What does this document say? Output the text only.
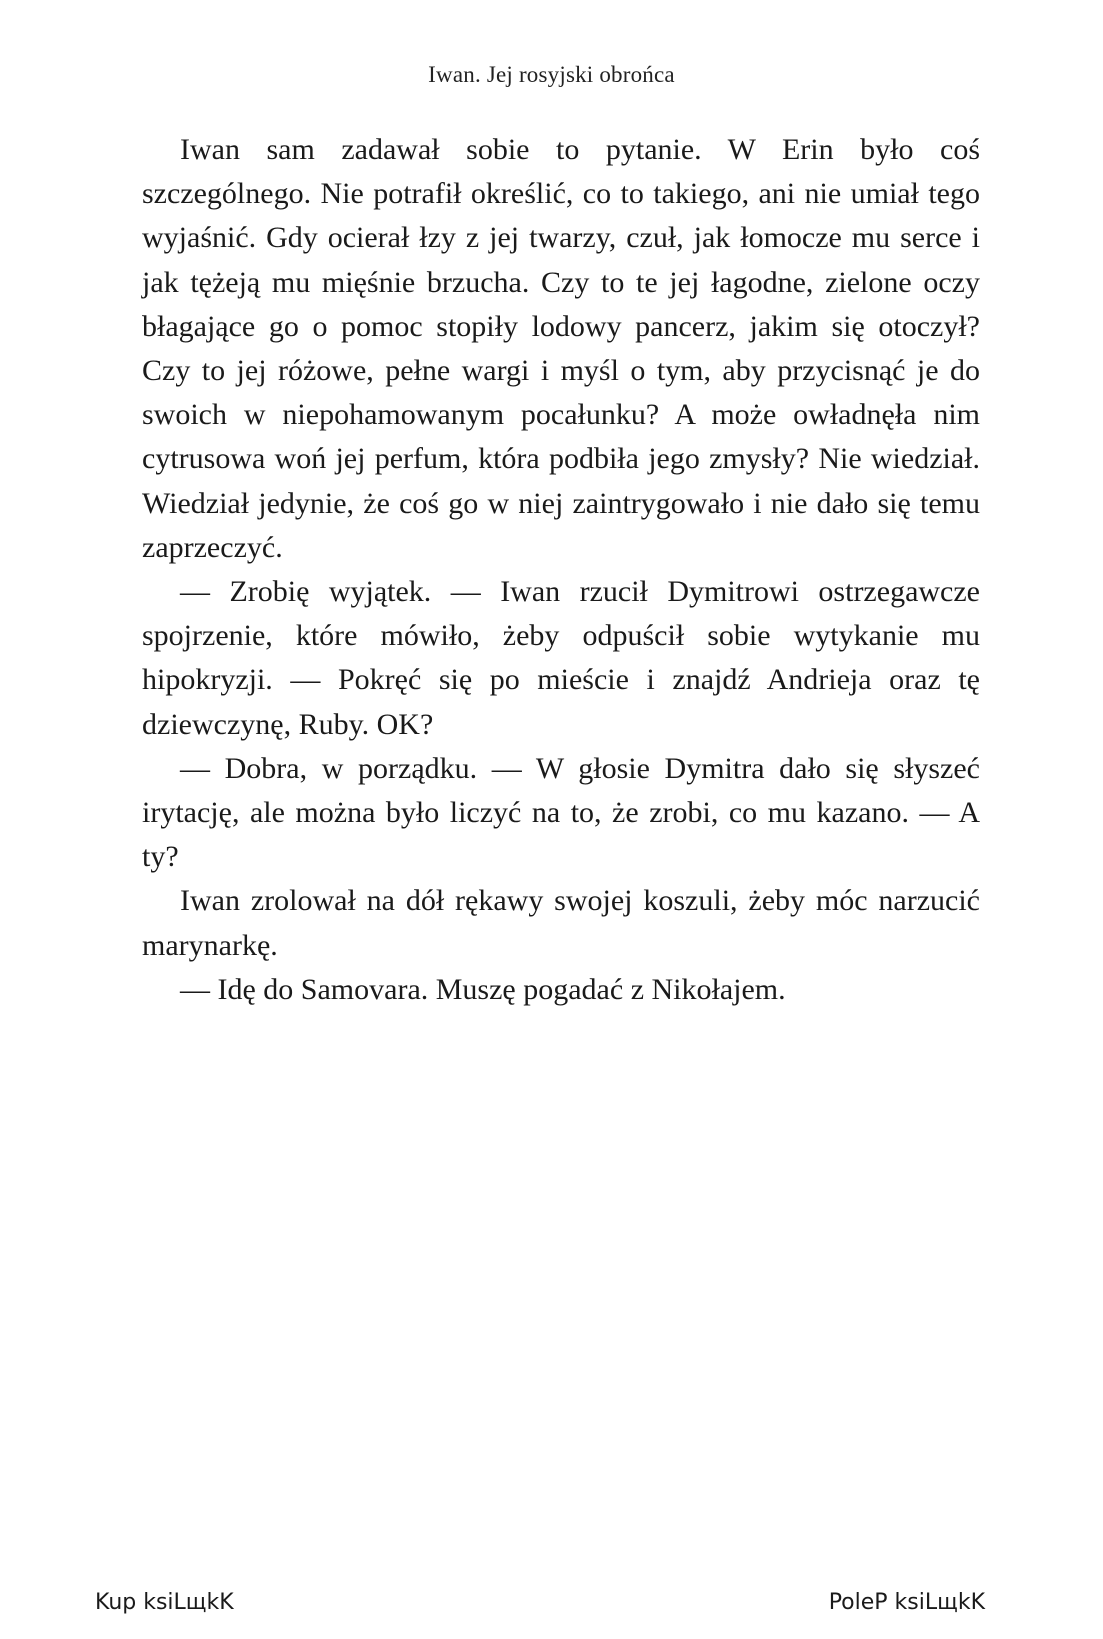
Iwan. Jej rosyjski obrońca

Iwan sam zadawał sobie to pytanie. W Erin było coś szczególnego. Nie potrafił określić, co to takiego, ani nie umiał tego wyjaśnić. Gdy ocierał łzy z jej twarzy, czuł, jak łomocze mu serce i jak tężeją mu mięśnie brzucha. Czy to te jej łagodne, zielone oczy błagające go o pomoc stopiły lodowy pancerz, jakim się otoczył? Czy to jej różowe, pełne wargi i myśl o tym, aby przycisnąć je do swoich w niepohamowanym pocałunku? A może owładnęła nim cytrusowa woń jej perfum, która podbiła jego zmysły? Nie wiedział. Wiedział jedynie, że coś go w niej zaintrygowało i nie dało się temu zaprzeczyć.

— Zrobię wyjątek. — Iwan rzucił Dymitrowi ostrzegawcze spojrzenie, które mówiło, żeby odpuścił sobie wytykanie mu hipokryzji. — Pokręć się po mieście i znajdź Andrieja oraz tę dziewczynę, Ruby. OK?

— Dobra, w porządku. — W głosie Dymitra dało się słyszeć irytację, ale można było liczyć na to, że zrobi, co mu kazano. — A ty?

Iwan zrolował na dół rękawy swojej koszuli, żeby móc narzucić marynarkę.

— Idę do Samovara. Muszę pogadać z Nikołajem.

Kup ksiLщkK	PoleP ksiLщkK
